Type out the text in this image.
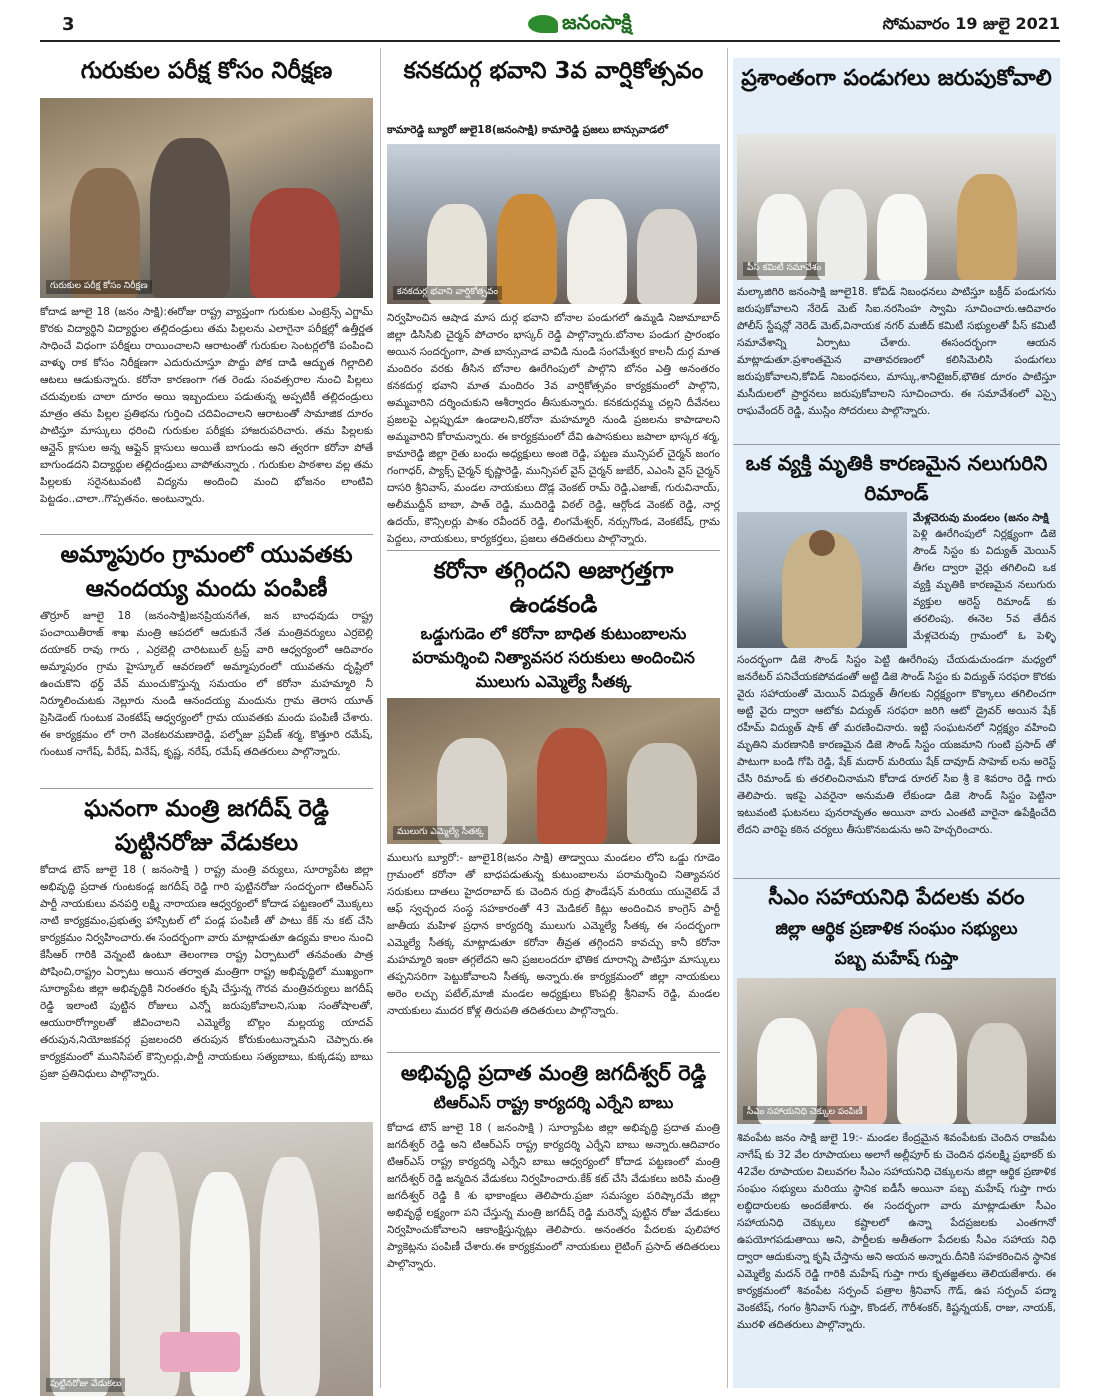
3	జనంసాక్షి	సోమవారం 19 జులై 2021
గురుకుల పరీక్ష కోసం నిరీక్షణ
గురుకుల పరీక్ష కోసం నిరీక్షణ
కోదాడ జూలై 18 (జనం సాక్షి):ఈరోజు రాష్ట్ర వ్యాప్తంగా గురుకుల ఎంట్రెన్స్ ఎగ్జామ్ కొరకు విద్యార్థిని విద్యార్థుల తల్లిదండ్రులు తమ పిల్లలను ఎలాగైనా పరీక్షల్లో ఉత్తీర్ణత సాధించే విధంగా పరీక్షలు రాయించాలని ఆరాటంతో గురుకుల సెంటర్లలోకి పంపించి వాళ్ళు రాక కోసం నిరీక్షణగా ఎదురుచూస్తూ పొద్దు పోక దాడి ఆద్భుత గిల్లాదిలి ఆటలు ఆడుకున్నారు. కరోనా కారణంగా గత రెండు సంవత్సరాల నుంచి పిల్లలు చదువులకు చాలా దూరం అయి ఇబ్బందులు పడుతున్న అప్పటికీ తల్లిదండ్రులు మాత్రం తమ పిల్లల ప్రతిభను గుర్తించి చదివించాలని ఆరాటంతో సామాజిక దూరం పాటిస్తూ మాస్కులు ధరించి గురుకుల పరీక్షకు హాజరుపరిచారు. తమ పిల్లలకు ఆన్లైన్ క్లాసుల అన్న ఆఫ్లైన్ క్లాసులు అయితే బాగుండు అని త్వరగా కరోనా పోతే బాగుండదని విద్యార్థుల తల్లిదండ్రులు వాపోతున్నారు . గురుకుల పాఠశాల వల్ల తమ పిల్లలకు సరైనటువంటి విద్యను అందించి మంచి భోజనం లాంటివి పెట్టడం..చాలా..గొప్పతనం. అంటున్నారు.
అమ్మాపురం గ్రామంలో యువతకు ఆనందయ్య మందు పంపిణీ
తొర్రూర్ జూలై 18 (జనంసాక్షి)జనప్రియనగేత, జన బాంధవుడు రాష్ట్ర పంచాయితీరాజ్ శాఖ మంత్రి ఆపదలో ఆదుకునే నేత మంత్రివర్యులు ఎర్రబెల్లి దయాకర్ రావు గారు , ఎర్రబెల్లి చారిటబుల్ ట్రస్ట్ వారి ఆధ్వర్యంలో ఆదివారం అమ్మాపురం గ్రామ హైస్కూల్ ఆవరణలో అమ్మాపురంలో యువతను దృష్టిలో ఉంచుకొని థర్డ్ వేవ్ ముంచుకొస్తున్న సమయం లో కరోనా మహమ్మారి నీ నిర్మూలించుటకు నెల్లూరు నుండి ఆనందయ్య మందును గ్రామ తెరాస యూత్ ప్రెసిడెంట్ గుంటుక వెంకటేష్ ఆధ్వర్యంలో గ్రామ యువతకు మందు పంపిణీ చేశారు. ఈ కార్యక్రమం లో రాగి వెంకటరమణారెడ్డి, పల్నోజు ప్రవీణ్ శర్మ, కొత్తూరి రమేష్, గుంటుక నాగేష్, వీరేష్, వినేష్, కృష్ణ, నరేష్, రమేష్ తదితరులు పాల్గొన్నారు.
ఘనంగా మంత్రి జగదీష్ రెడ్డి పుట్టినరోజు వేడుకలు
కోదాడ టౌన్ జూలై 18 ( జనంసాక్షి ) రాష్ట్ర మంత్రి వర్యులు, సూర్యాపేట జిల్లా అభివృద్ధి ప్రదాత గుంటకండ్ల జగదీష్ రెడ్డి గారి పుట్టినరోజు సందర్భంగా టిఆర్ఎస్ పార్టీ నాయకులు వనపర్తి లక్ష్మి నారాయణ ఆధ్వర్యంలో కోదాడ పట్టణంలో మొక్కలు నాటి కార్యక్రమం,ప్రభుత్వ హాస్పిటల్ లో పండ్ల పంపిణీ తో పాటు కేక్ ను కట్ చేసి కార్యక్రమం నిర్వహించారు.ఈ సందర్భంగా వారు మాట్లాడుతూ ఉద్యమ కాలం నుంచి కేసీఆర్ గారికి వెన్నంటి ఉంటూ తెలంగాణ రాష్ట్ర ఏర్పాటులో తనవంతు పాత్ర పోషించి,రాష్ట్రం ఏర్పాటు అయిన తర్వాత మంత్రిగా రాష్ట్ర అభివృద్ధిలో ముఖ్యంగా సూర్యాపేట జిల్లా అభివృద్ధికి నిరంతరం కృషి చేస్తున్న గౌరవ మంత్రివర్యులు జగదీష్ రెడ్డి ఇలాంటి పుట్టిన రోజులు ఎన్నో జరుపుకోవాలని,సుఖ సంతోషాలతో, ఆయురారోగ్యాలతో జీవించాలని ఎమ్మెల్యే బొల్లం మల్లయ్య యాదవ్ తరుపున,నియోజకవర్గ ప్రజలందరి తరుపున కోరుకుంటున్నామని చెప్పారు.ఈ కార్యక్రమంలో మునిసిపల్ కౌన్సిలర్లు,పార్టీ నాయకులు సత్యబాబు, కుక్కడపు బాబు ప్రజా ప్రతినిధులు పాల్గొన్నారు.
పుట్టినరోజు వేడుకలు
కనకదుర్గ భవాని 3వ వార్షికోత్సవం
కామారెడ్డి బ్యూరో జులై18(జనంసాక్షి) కామారెడ్డి ప్రజలు బాన్సువాడలో
కనకదుర్గ భవాని వార్షికోత్సవం
నిర్వహించిన ఆషాడ మాస దుర్గ భవాని బోనాల పండుగలో ఉమ్మడి నిజామాబాద్ జిల్లా డిసిసిబి చైర్మన్ పోచారం భాస్కర్ రెడ్డి పాల్గొన్నారు.బోనాల పండుగ ప్రారంభం అయిన సందర్భంగా, పాత బాన్సువాడ వావిడి నుండి సంగమేశ్వర కాలనీ దుర్గ మాత మందిరం వరకు తీసిన బోనాల ఊరేగింపులో పాల్గొని బోనం ఎత్తి అనంతరం కనకదుర్గ భవాని మాత మందిరం 3వ వార్షికోత్సవం కార్యక్రమంలో పాల్గొని, అమ్మవారిని దర్శించుకుని ఆశీర్వాదం తీసుకున్నారు. కనకదుర్గమ్మ చల్లని దీవేనలు ప్రజలపై ఎల్లప్పుడూ ఉండాలని,కరోనా మహమ్మారి నుండి ప్రజలను కాపాడాలని అమ్మవారిని కోరామన్నారు. ఈ కార్యక్రమంలో దేవి ఉపాసకులు జపాలా భాస్కర శర్మ, కామారెడ్డి జిల్లా రైతు బంధు అధ్యక్షులు అంజి రెడ్డి, పట్టణ మున్సిపల్ చైర్మన్ జంగం గంగాధర్, ప్యాక్స్ చైర్మన్ కృష్ణారెడ్డి, మున్సిపల్ వైస్ చైర్మన్ జుబేర్, ఎఎంసి వైస్ చైర్మన్ దాసరి శ్రీనివాస్, మండల నాయకులు దొడ్ల వెంకట్ రామ్ రెడ్డి,ఎజాజ్, గురువినాయ్, అలీముద్దీన్ బాబా, పాత్ రెడ్డి, ముదిరెడ్డి విఠల్ రెడ్డి, ఆర్గోండ వెంకట్ రెడ్డి, నార్ల ఉదయ్, కౌన్సిలర్లు పాశం రవీందర్ రెడ్డి, లింగమేశ్వర్, నర్సుగొండ, వెంకటేష్, గ్రామ పెద్దలు, నాయకులు, కార్యకర్తలు, ప్రజలు తదితరులు పాల్గొన్నారు.
కరోనా తగ్గిందని అజాగ్రత్తగా ఉండకండి
ఒడ్డుగుడెం లో కరోనా బాధిత కుటుంబాలను
పరామర్శించి నిత్యావసర సరుకులు అందించిన
ములుగు ఎమ్మెల్యే సీతక్క
ములుగు ఎమ్మెల్యే సీతక్క
ములుగు బ్యూరో:- జూలై18(జనం సాక్షి) తాడ్వాయి మండలం లోని ఒడ్డు గూడెం గ్రామంలో కరోనా తో బాధపడుతున్న కుటుంబాలను పరామర్శించి నిత్యావసర సరుకులు దాతలు హైదరాబాద్ కు చెందిన రుద్ర ఫౌండేషన్ మరియు యునైటెడ్ వే ఆఫ్ స్వచ్ఛంద సంస్థ సహకారంతో 43 మెడికల్ కిట్లు అందించిన కాంగ్రెస్ పార్టీ జాతీయ మహిళ ప్రధాన కార్యదర్శి ములుగు ఎమ్మెల్యే సీతక్క ఈ సందర్భంగా ఎమ్మెల్యే సీతక్క మాట్లాడుతూ కరోనా తీవ్రత తగ్గిందని కావచ్చు కానీ కరోనా మహమ్మారి ఇంకా తగ్గలేదని అని ప్రజలందరూ భౌతిక దూరాన్ని పాటిస్తూ మాస్కులు తప్పనిసరిగా పెట్టుకోవాలని సీతక్క అన్నారు.ఈ కార్యక్రమంలో జిల్లా నాయకులు అరెం లచ్చు పటేల్,మాజీ మండల అధ్యక్షులు కొంపల్లి శ్రీనివాస్ రెడ్డి, మండల నాయకులు ముదర కోళ్ల తిరుపతి తదితరులు పాల్గొన్నారు.
అభివృద్ధి ప్రదాత మంత్రి జగదీశ్వర్ రెడ్డి
టిఆర్ఎస్ రాష్ట్ర కార్యదర్శి ఎర్నేని బాబు
కోదాడ టౌన్ జూలై 18 ( జనంసాక్షి ) సూర్యాపేట జిల్లా అభివృద్ధి ప్రదాత మంత్రి జగదీశ్వర్ రెడ్డి అని టిఆర్ఎస్ రాష్ట్ర కార్యదర్శి ఎర్నేని బాబు అన్నారు.ఆదివారం టిఆర్ఎస్ రాష్ట్ర కార్యదర్శి ఎర్నేని బాబు ఆధ్వర్యంలో కోదాడ పట్టణంలో మంత్రి జగదీశ్వర్ రెడ్డి జన్మదిన వేడుకలు నిర్వహించారు.కేక్ కట్ చేసి వేడుకలు జరిపి మంత్రి జగదీశ్వర్ రెడ్డి కి శు భాకాంక్షలు తెలిపారు.ప్రజా సమస్యల పరిష్కారమే జిల్లా అభివృద్ధే లక్ష్యంగా పని చేస్తున్న మంత్రి జగదీష్ రెడ్డి మరెన్నో పుట్టిన రోజు వేడుకలు నిర్వహించుకోవాలని ఆకాంక్షిస్తున్నట్లు తెలిపారు. అనంతరం పేదలకు పులిహార ప్యాకెట్లను పంపిణీ చేశారు.ఈ కార్యక్రమంలో నాయకులు లైటింగ్ ప్రసాద్ తదితరులు పాల్గొన్నారు.
ప్రశాంతంగా పండుగలు జరుపుకోవాలి
పీస్ కమిటీ సమావేశం
మల్కాజిగిరి జనంసాక్షి జూలై18. కోవిడ్ నిబంధనలు పాటిస్తూ బక్రీద్ పండుగను జరుపుకోవాలని నేరెడ్ మెట్ సిఐ.నరసింహ స్వామి సూచించారు.ఆదివారం పోలీస్ స్టేషన్లో నెరెడ్ మెట్,వినాయక నగర్ మజీద్ కమిటీ సభ్యులతో పీస్ కమిటీ సమావేశాన్ని ఏర్పాటు చేశారు. ఈసందర్భంగా ఆయన మాట్లాడుతూ.ప్రశాంతమైన వాతావరణంలో కలిసిమెలిసి పండుగలు జరుపుకోవాలని,కోవిడ్ నిబంధనలు, మాస్కు,శానిటైజర్,భౌతిక దూరం పాటిస్తూ మసీదులలో ప్రార్ధనలు జరుపుకోవాలని సూచించారు. ఈ సమావేశంలో ఎస్సై రాఘవేందర్ రెడ్డి, ముస్లిం సోదరులు పాల్గొన్నారు.
ఒక వ్యక్తి మృతికి కారణమైన నలుగురిని రిమాండ్
మేళ్లచెరువు మండలం (జనం సాక్షి
పెళ్లి ఊరేగింపులో నిర్లక్ష్యంగా డిజె సౌండ్ సిస్టం కు విద్యుత్ మెయిన్ తీగల ద్వారా వైర్లు తగిలించి ఒక వ్యక్తి మృతికి కారణమైన నలుగురు వ్యక్తుల అరెస్ట్ రిమాండ్ కు తరలింపు. ఈనెల 5వ తేదీన మేళ్లచెరువు గ్రామంలో ఓ పెళ్ళి
సందర్భంగా డిజె సౌండ్ సిస్టం పెట్టి ఊరేగింపు చేయడుచుండగా మధ్యలో జనరేటర్ పనిచేయకపోవడంతో అట్టి డిజె సౌండ్ సిస్టం కు విద్యుత్ సరఫరా కొరకు వైరు సహాయంతో మెయిన్ విద్యుత్ తీగలకు నిర్లక్ష్యంగా కొక్కాలు తగిలించగా అట్టి వైరు ద్వారా ఆటోకు విద్యుత్ సరఫరా జరిగి ఆటో డ్రైవర్ అయిన షేక్ రహీమ్ విద్యుత్ షాక్ తో మరణించినారు. ఇట్టి సంఘటనలో నిర్లక్ష్యం వహించి మృతిని మరణానికి కారణమైన డిజె సౌండ్ సిస్టం యజమాని గుంటి ప్రసాద్ తో పాటుగా బండి గోపి రెడ్డి, షేక్ మదార్ మరియు షేక్ దావూద్ సాహెబ్ లను అరెస్ట్ చేసి రిమాండ్ కు తరలించినామని కోదాడ రూరల్ సిఐ శ్రీ కె శివరాం రెడ్డి గారు తెలిపారు. ఇకపై ఎవరైనా అనుమతి లేకుండా డిజె సౌండ్ సిస్టం పెట్టినా ఇటువంటి ఘటనలు పునరావృతం అయినా వారు ఎంతటి వారైనా ఉపేక్షించేది లేదని వారిపై కఠిన చర్యలు తీసుకొనబడును అని హెచ్చరించారు.
సీఎం సహాయనిధి పేదలకు వరం
జిల్లా ఆర్థిక ప్రణాళిక సంఘం సభ్యులు
పబ్బ మహేష్ గుప్తా
సీఎం సహాయనిధి చెక్కుల పంపిణీ
శివంపేట జనం సాక్షి జులై 19:- మండల కేంద్రమైన శివంపేటకు చెందిన రాజపేట నాగేష్ కు 32 వేల రూపాయలు అలాగే అల్లీపూర్ కు చెందిన ధనలక్ష్మి ప్రభాకర్ కు 42వేల రూపాయల విలువగల సీఎం సహాయనిధి చెక్కులను జిల్లా ఆర్థిక ప్రణాళిక సంఘం సభ్యులు మరియు స్థానిక ఐడీసీ అయినా పబ్బ మహేష్ గుప్తా గారు లబ్ధిదారులకు అందజేశారు. ఈ సందర్భంగా వారు మాట్లాడుతూ సీఎం సహాయనిధి చెక్కులు కష్టాలలో ఉన్నా పేదప్రజలకు ఎంతగానో ఉపయోగపడుతాయి అని, పార్టీలకు అతీతంగా పేదలకు సీఎం సహాయ నిధి ద్వారా ఆదుకున్నా కృషి చేస్తాను అని అయన అన్నారు.దీనికి సహకరించిన స్థానిక ఎమ్మెల్యే మదన్ రెడ్డి గారికి మహేష్ గుప్తా గారు కృతజ్ఞతలు తెలియజేశారు. ఈ కార్యక్రమంలో శివంపేట సర్పంచ్ పత్రాల శ్రీనివాస్ గౌడ్, ఉప సర్పంచ్ పద్మా వెంకటేష్, గంగం శ్రీనివాస్ గుప్తా, కొండల్, గౌరీశంకర్, కిష్టన్నయక్, రాజు, నాయక్, మురళి తదితరులు పాల్గొన్నారు.
